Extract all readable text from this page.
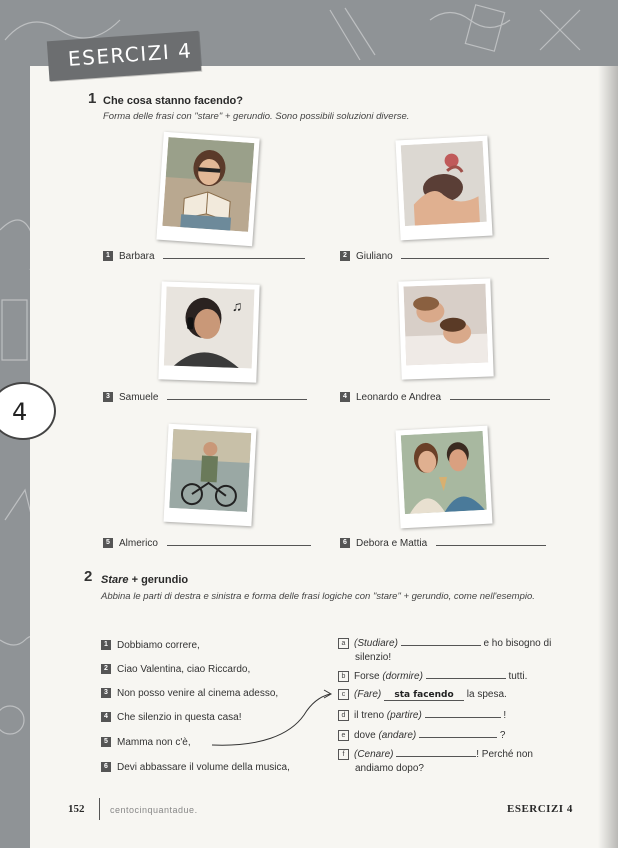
ESERCIZI 4
4
1 Che cosa stanno facendo?
Forma delle frasi con "stare" + gerundio. Sono possibili soluzioni diverse.
♫
1 Barbara	2 Giuliano
3 Samuele	4 Leonardo e Andrea
5 Almerico	6 Debora e Mattia
2 Stare + gerundio
Abbina le parti di destra e sinistra e forma delle frasi logiche con "stare" + gerundio, come nell'esempio.
1 Dobbiamo correre,
2 Ciao Valentina, ciao Riccardo,
3 Non posso venire al cinema adesso,
4 Che silenzio in questa casa!
5 Mamma non c'è,
6 Devi abbassare il volume della musica,
a (Studiare)	e ho bisogno di
silenzio!
b Forse (dormire)	tutti.
c (Fare) sta facendo la spesa.
d il treno (partire)	!
e dove (andare)	?
f (Cenare)	! Perché non
andiamo dopo?
152	centocinquantadue.	ESERCIZI 4
